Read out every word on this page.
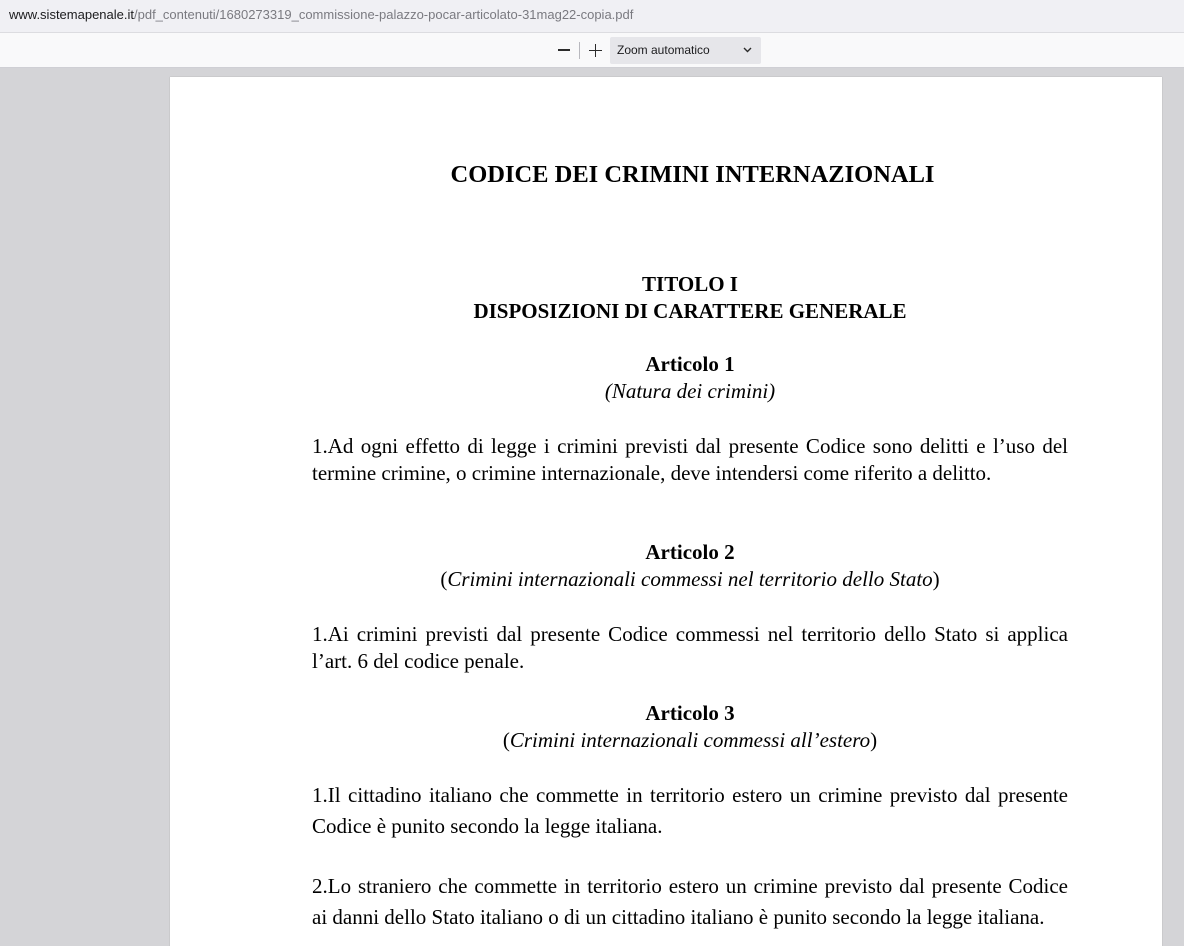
www.sistemapenale.it/pdf_contenuti/1680273319_commissione-palazzo-pocar-articolato-31mag22-copia.pdf
Zoom automatico
CODICE DEI CRIMINI INTERNAZIONALI

TITOLO I

DISPOSIZIONI DI CARATTERE GENERALE

Articolo 1

(Natura dei crimini)

1.Ad ogni effetto di legge i crimini previsti dal presente Codice sono delitti e l’uso del termine crimine, o crimine internazionale, deve intendersi come riferito a delitto.

Articolo 2

(Crimini internazionali commessi nel territorio dello Stato)

1.Ai crimini previsti dal presente Codice commessi nel territorio dello Stato si applica l’art. 6 del codice penale.

Articolo 3

(Crimini internazionali commessi all’estero)

1.Il cittadino italiano che commette in territorio estero un crimine previsto dal presente Codice è punito secondo la legge italiana.

2.Lo straniero che commette in territorio estero un crimine previsto dal presente Codice ai danni dello Stato italiano o di un cittadino italiano è punito secondo la legge italiana.
